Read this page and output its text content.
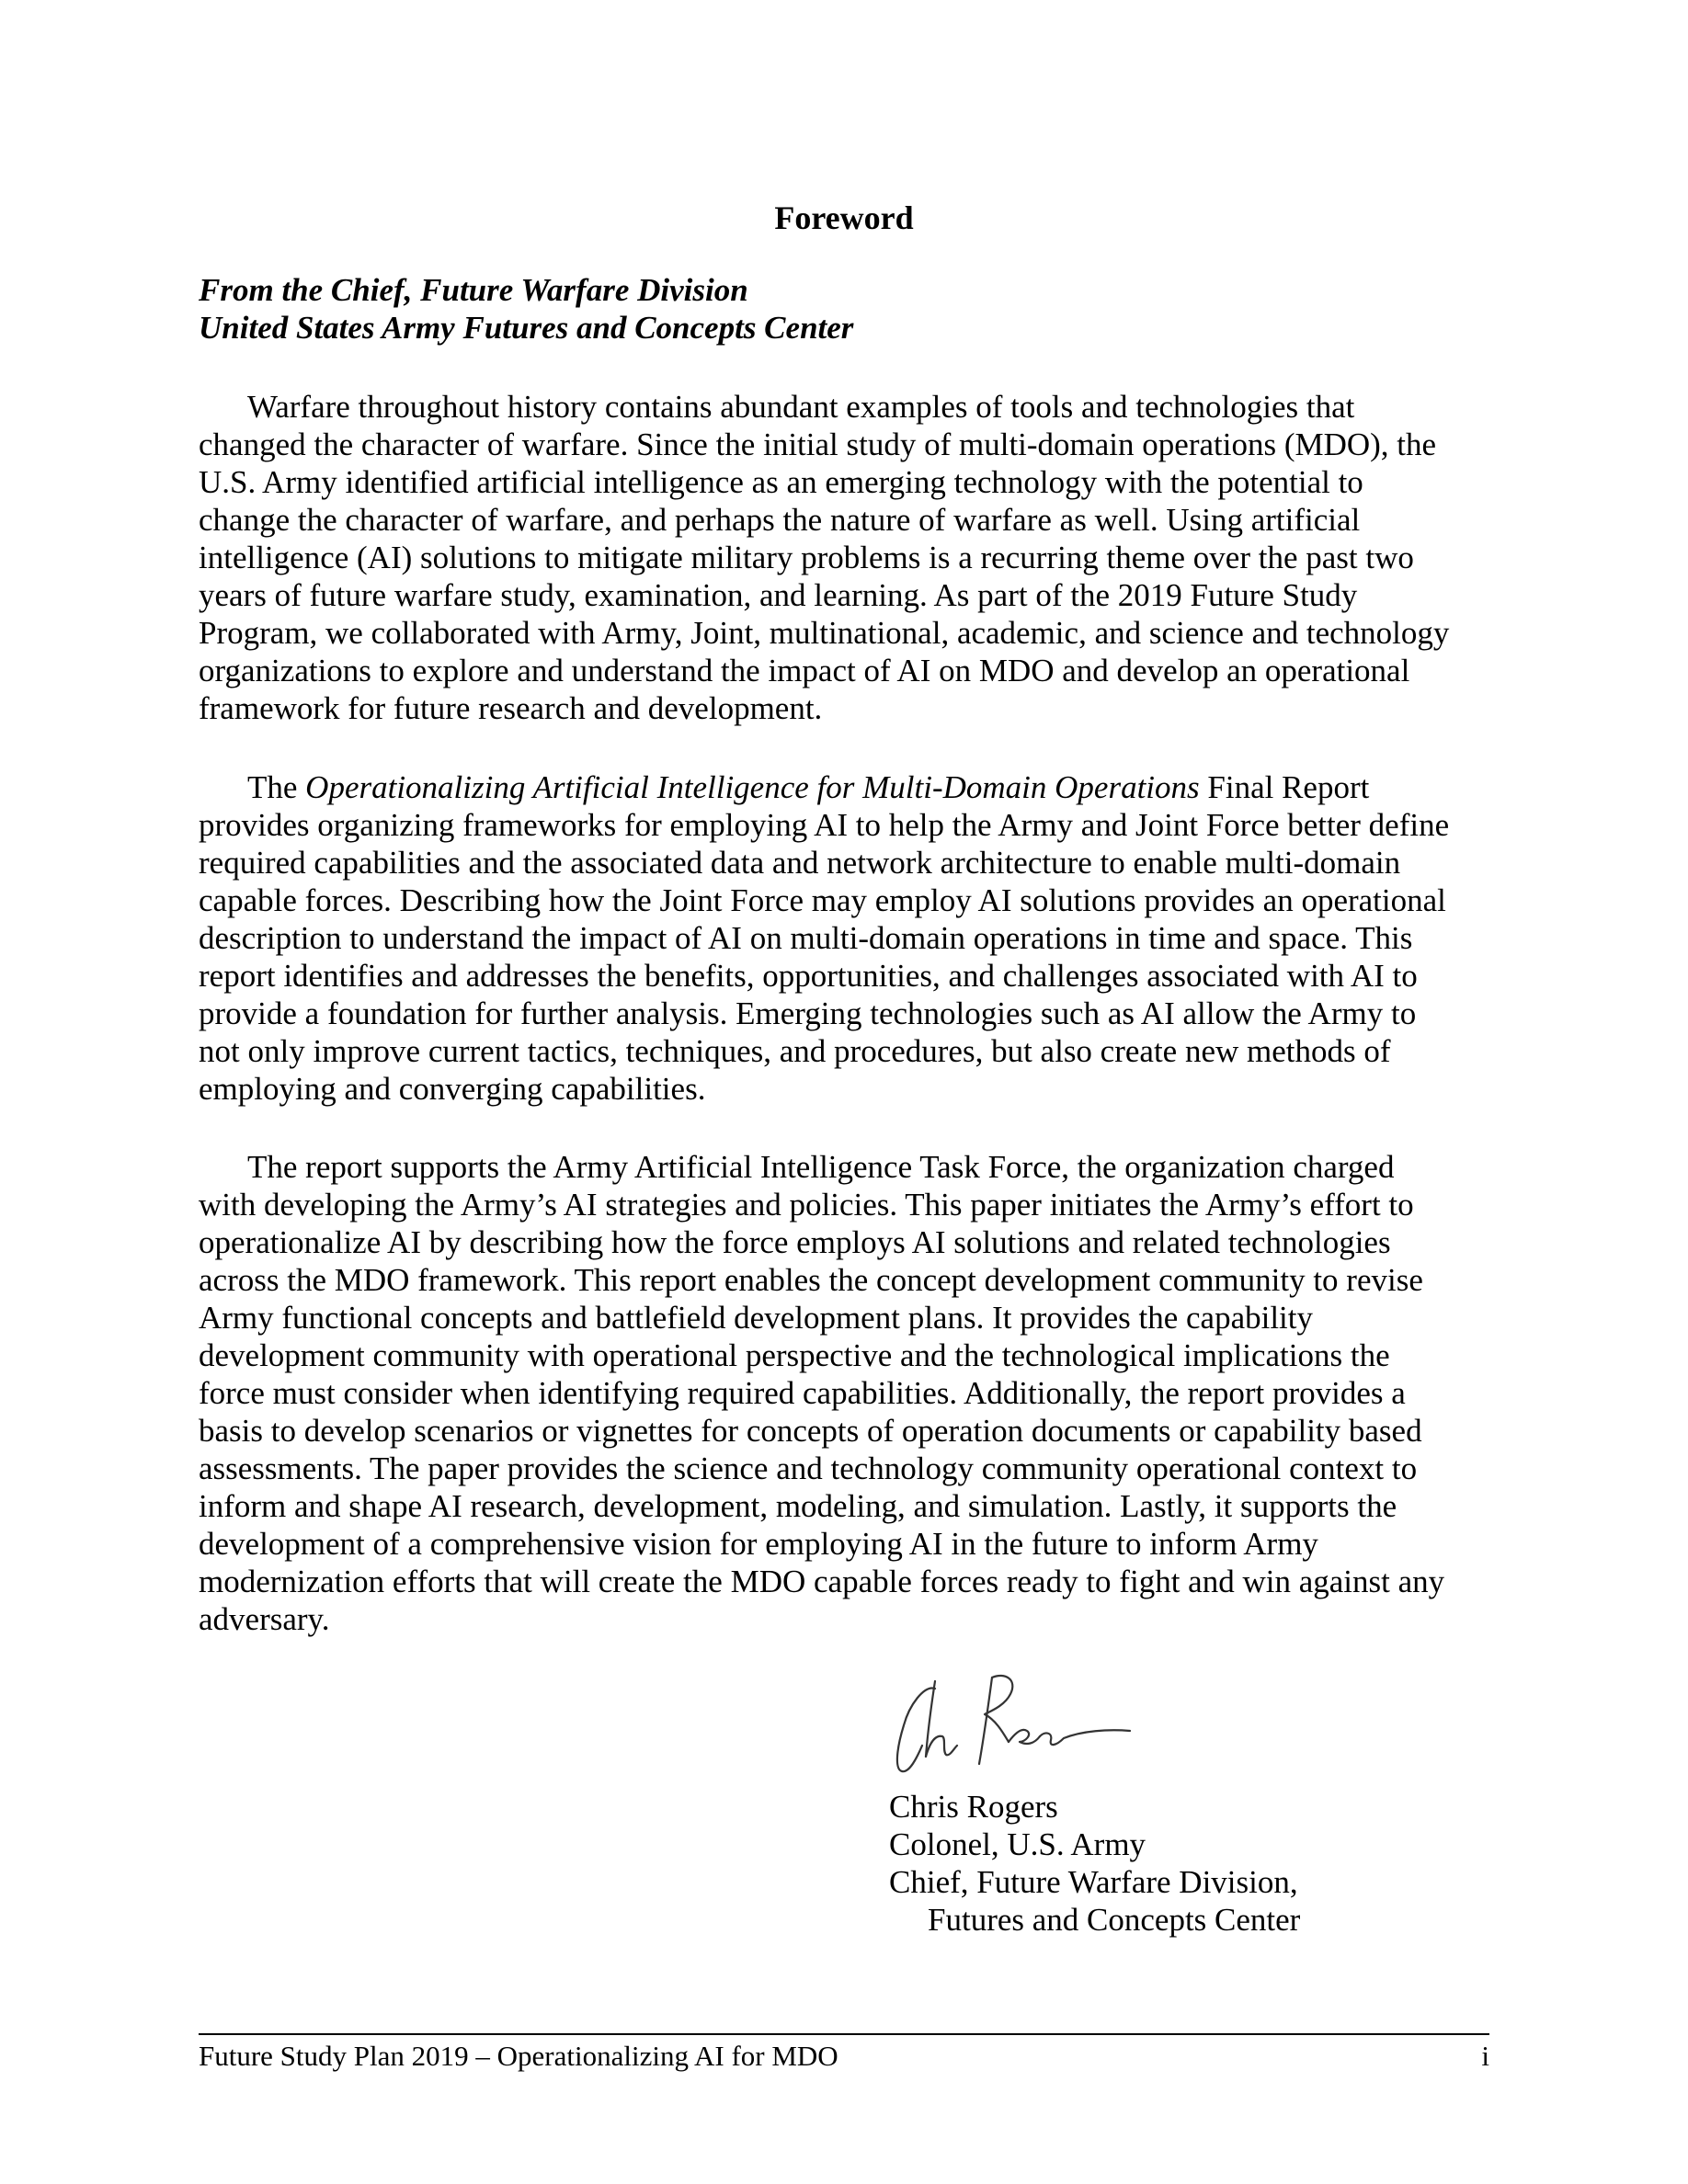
Foreword
From the Chief, Future Warfare Division
United States Army Futures and Concepts Center
Warfare throughout history contains abundant examples of tools and technologies that
changed the character of warfare. Since the initial study of multi-domain operations (MDO), the
U.S. Army identified artificial intelligence as an emerging technology with the potential to
change the character of warfare, and perhaps the nature of warfare as well. Using artificial
intelligence (AI) solutions to mitigate military problems is a recurring theme over the past two
years of future warfare study, examination, and learning. As part of the 2019 Future Study
Program, we collaborated with Army, Joint, multinational, academic, and science and technology
organizations to explore and understand the impact of AI on MDO and develop an operational
framework for future research and development.
The Operationalizing Artificial Intelligence for Multi-Domain Operations Final Report
provides organizing frameworks for employing AI to help the Army and Joint Force better define
required capabilities and the associated data and network architecture to enable multi-domain
capable forces. Describing how the Joint Force may employ AI solutions provides an operational
description to understand the impact of AI on multi-domain operations in time and space. This
report identifies and addresses the benefits, opportunities, and challenges associated with AI to
provide a foundation for further analysis. Emerging technologies such as AI allow the Army to
not only improve current tactics, techniques, and procedures, but also create new methods of
employing and converging capabilities.
The report supports the Army Artificial Intelligence Task Force, the organization charged
with developing the Army’s AI strategies and policies. This paper initiates the Army’s effort to
operationalize AI by describing how the force employs AI solutions and related technologies
across the MDO framework. This report enables the concept development community to revise
Army functional concepts and battlefield development plans. It provides the capability
development community with operational perspective and the technological implications the
force must consider when identifying required capabilities. Additionally, the report provides a
basis to develop scenarios or vignettes for concepts of operation documents or capability based
assessments. The paper provides the science and technology community operational context to
inform and shape AI research, development, modeling, and simulation. Lastly, it supports the
development of a comprehensive vision for employing AI in the future to inform Army
modernization efforts that will create the MDO capable forces ready to fight and win against any
adversary.
Chris Rogers
Colonel, U.S. Army
Chief, Future Warfare Division,
Futures and Concepts Center
Future Study Plan 2019 – Operationalizing AI for MDO	i
